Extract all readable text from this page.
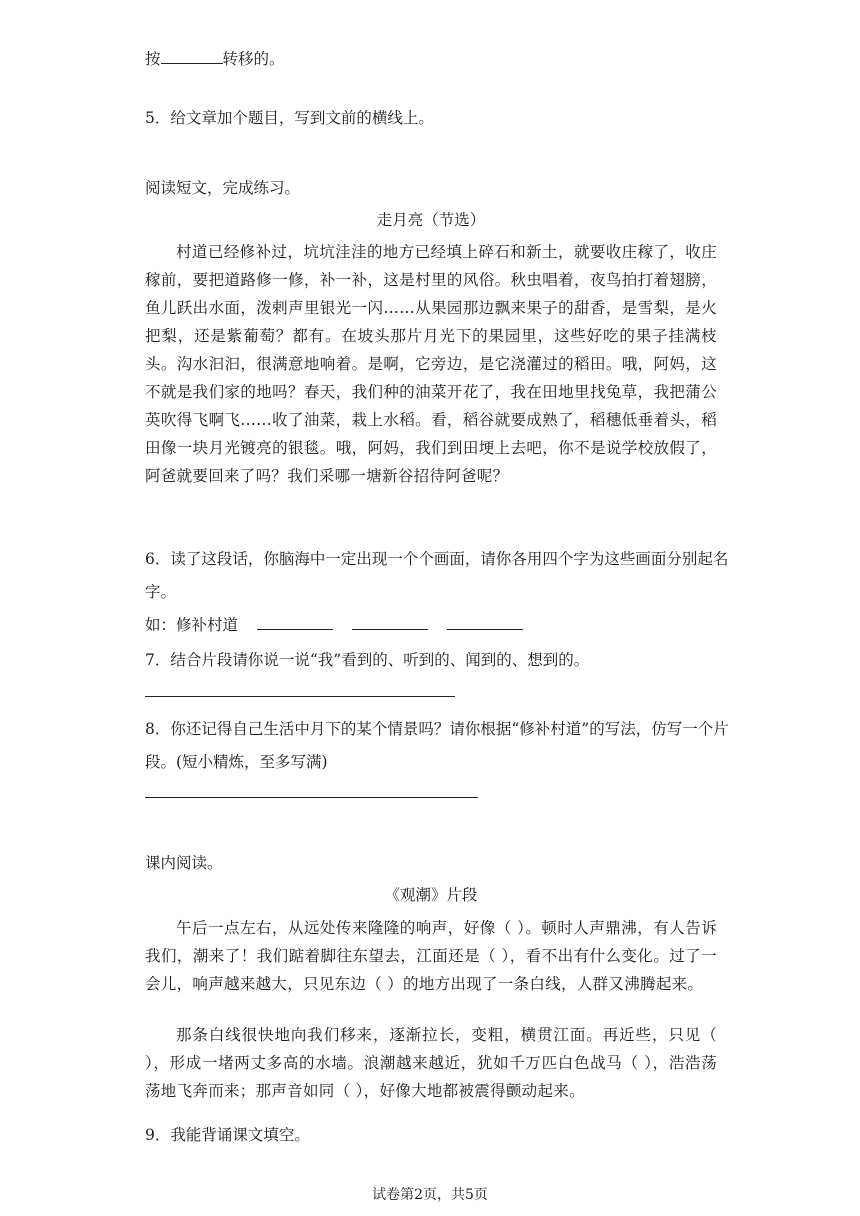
按	转移的。
5．给文章加个题目，写到文前的横线上。
阅读短文，完成练习。
走月亮（节选）
村道已经修补过，坑坑洼洼的地方已经填上碎石和新土，就要收庄稼了，收庄稼前，要把道路修一修，补一补，这是村里的风俗。秋虫唱着，夜鸟拍打着翅膀，鱼儿跃出水面，泼剌声里银光一闪……从果园那边飘来果子的甜香，是雪梨，是火把梨，还是紫葡萄？都有。在坡头那片月光下的果园里，这些好吃的果子挂满枝头。沟水汩汩，很满意地响着。是啊，它旁边，是它浇灌过的稻田。哦，阿妈，这不就是我们家的地吗？春天，我们种的油菜开花了，我在田地里找兔草，我把蒲公英吹得飞啊飞……收了油菜，栽上水稻。看，稻谷就要成熟了，稻穗低垂着头，稻田像一块月光镀亮的银毯。哦，阿妈，我们到田埂上去吧，你不是说学校放假了，阿爸就要回来了吗？我们采哪一塘新谷招待阿爸呢？
6．读了这段话，你脑海中一定出现一个个画面，请你各用四个字为这些画面分别起名
字。
如：修补村道
7．结合片段请你说一说“我”看到的、听到的、闻到的、想到的。
8．你还记得自己生活中月下的某个情景吗？请你根据“修补村道”的写法，仿写一个片
段。(短小精炼，至多写满)
课内阅读。
《观潮》片段
午后一点左右，从远处传来隆隆的响声，好像（ ）。顿时人声鼎沸，有人告诉我们，潮来了！我们踮着脚往东望去，江面还是（ ），看不出有什么变化。过了一会儿，响声越来越大，只见东边（ ）的地方出现了一条白线，人群又沸腾起来。
那条白线很快地向我们移来，逐渐拉长，变粗，横贯江面。再近些，只见（ ），形成一堵两丈多高的水墙。浪潮越来越近，犹如千万匹白色战马（ ），浩浩荡荡地飞奔而来；那声音如同（ ），好像大地都被震得颤动起来。
9．我能背诵课文填空。
试卷第2页，共5页
